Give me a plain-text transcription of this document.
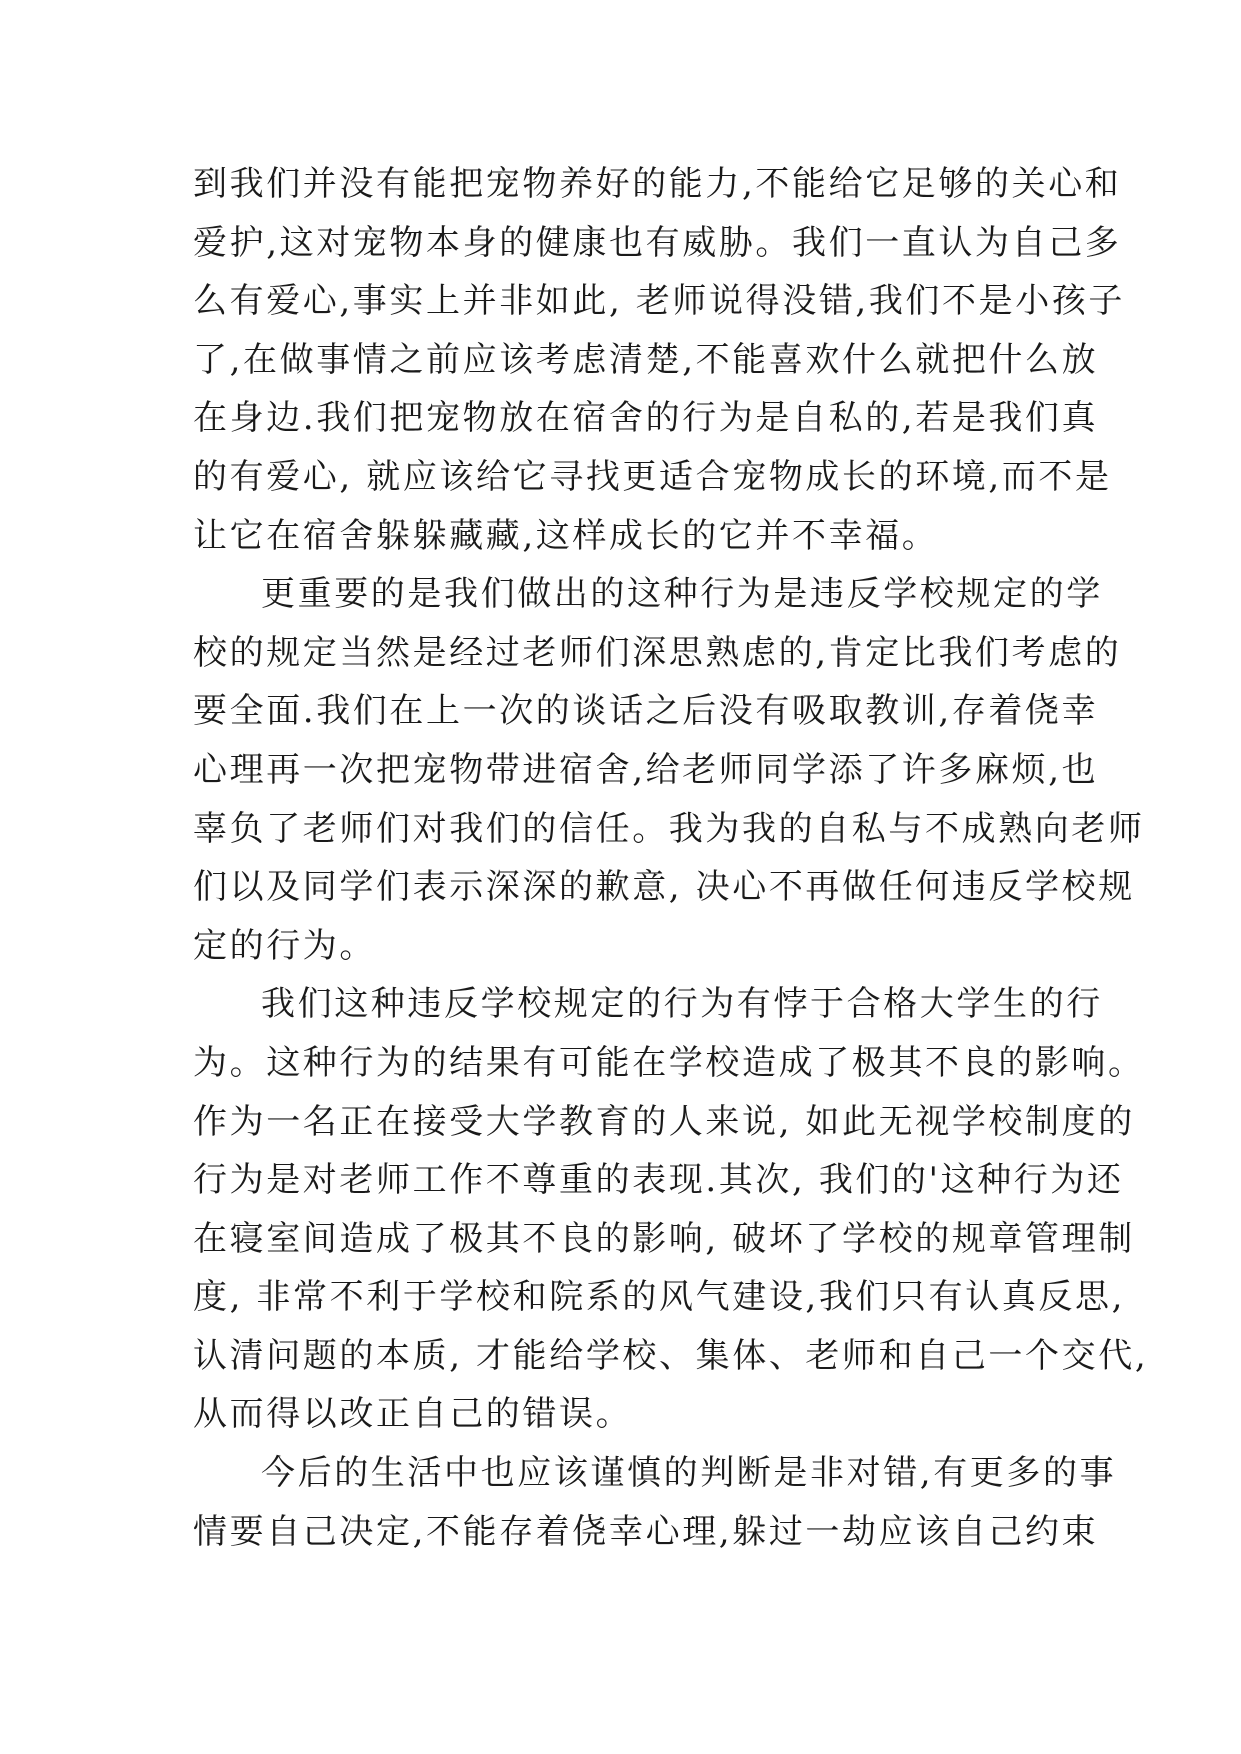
到我们并没有能把宠物养好的能力,不能给它足够的关心和
爱护,这对宠物本身的健康也有威胁。我们一直认为自己多
么有爱心,事实上并非如此, 老师说得没错,我们不是小孩子
了,在做事情之前应该考虑清楚,不能喜欢什么就把什么放
在身边.我们把宠物放在宿舍的行为是自私的,若是我们真
的有爱心, 就应该给它寻找更适合宠物成长的环境,而不是
让它在宿舍躲躲藏藏,这样成长的它并不幸福。
更重要的是我们做出的这种行为是违反学校规定的学
校的规定当然是经过老师们深思熟虑的,肯定比我们考虑的
要全面.我们在上一次的谈话之后没有吸取教训,存着侥幸
心理再一次把宠物带进宿舍,给老师同学添了许多麻烦,也
辜负了老师们对我们的信任。我为我的自私与不成熟向老师
们以及同学们表示深深的歉意, 决心不再做任何违反学校规
定的行为。
我们这种违反学校规定的行为有悖于合格大学生的行
为。这种行为的结果有可能在学校造成了极其不良的影响。
作为一名正在接受大学教育的人来说, 如此无视学校制度的
行为是对老师工作不尊重的表现.其次, 我们的'这种行为还
在寝室间造成了极其不良的影响, 破坏了学校的规章管理制
度, 非常不利于学校和院系的风气建设,我们只有认真反思,
认清问题的本质, 才能给学校、集体、老师和自己一个交代,
从而得以改正自己的错误。
今后的生活中也应该谨慎的判断是非对错,有更多的事
情要自己决定,不能存着侥幸心理,躲过一劫应该自己约束
